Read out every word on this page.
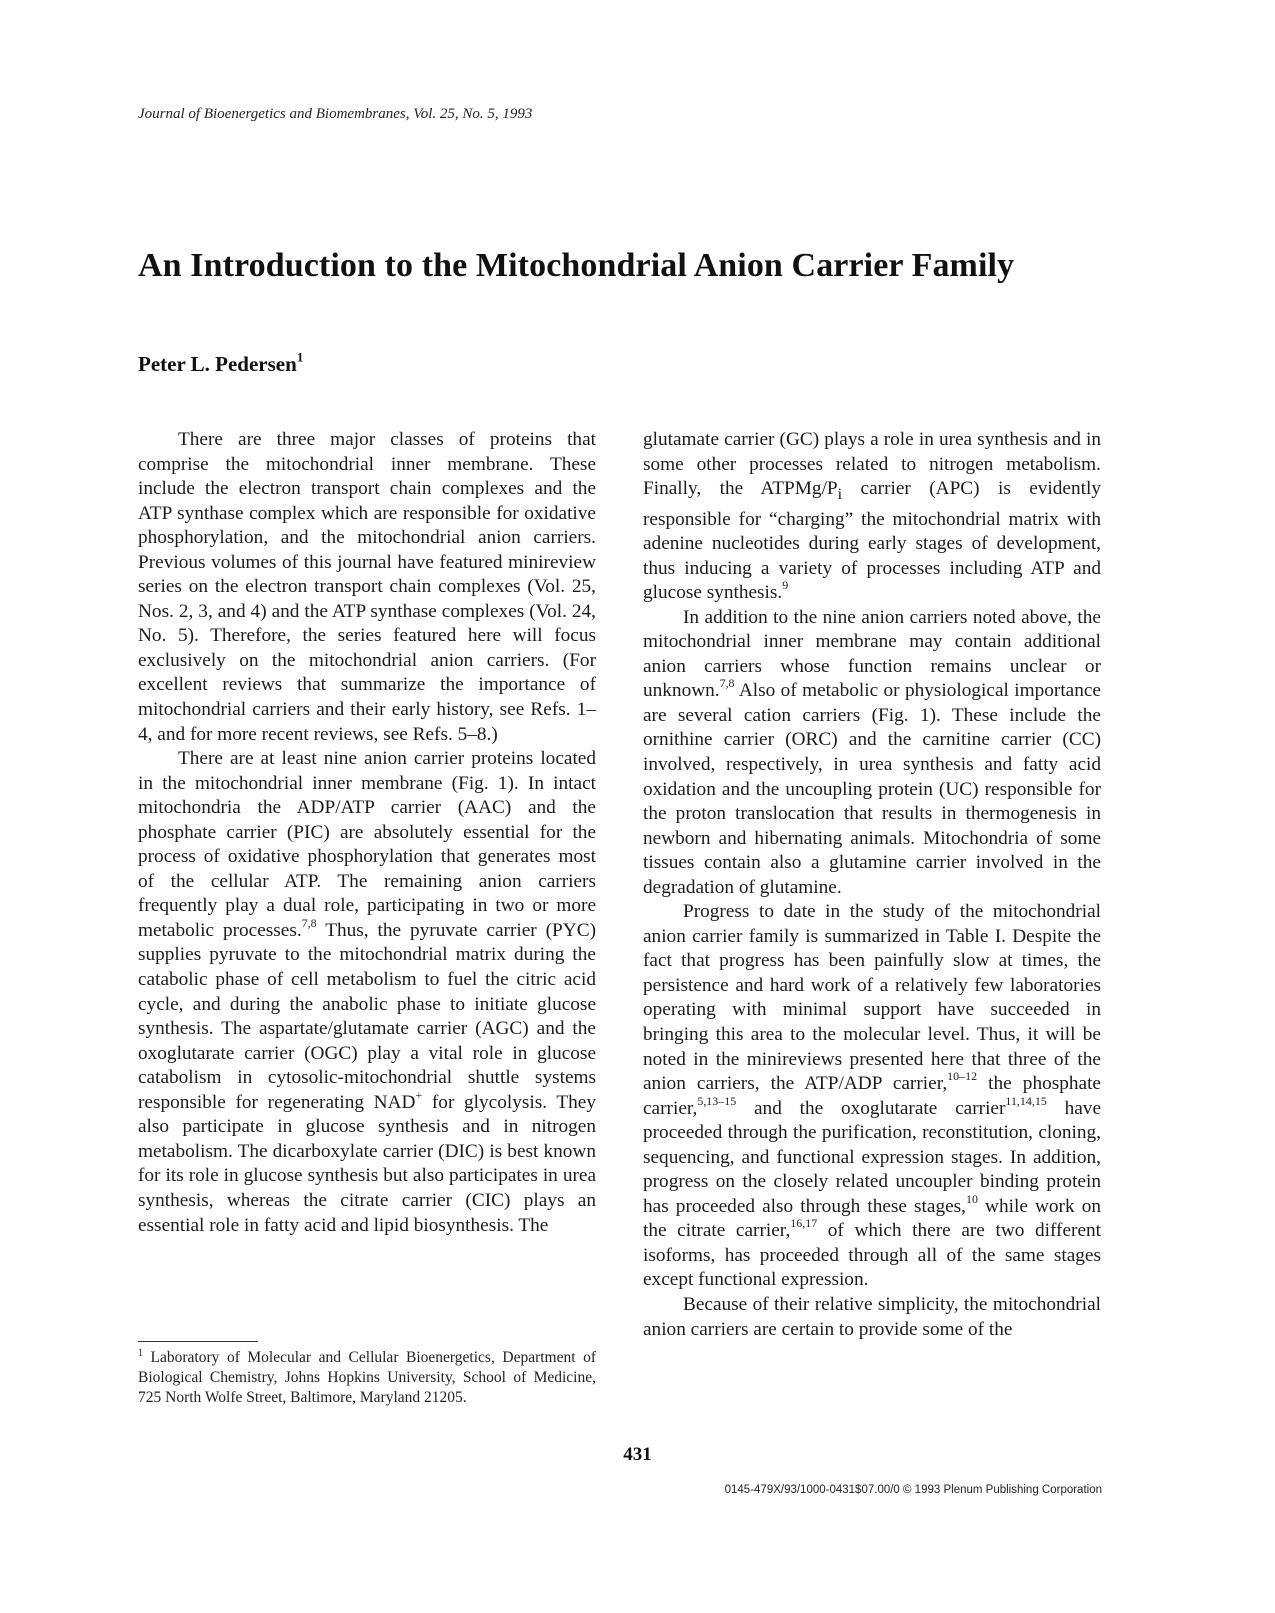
Journal of Bioenergetics and Biomembranes, Vol. 25, No. 5, 1993
An Introduction to the Mitochondrial Anion Carrier Family
Peter L. Pedersen$^1$

There are three major classes of proteins that comprise the mitochondrial inner membrane. These include the electron transport chain complexes and the ATP synthase complex which are responsible for oxidative phosphorylation, and the mitochondrial anion carriers. Previous volumes of this journal have featured minireview series on the electron transport chain complexes (Vol. 25, Nos. 2, 3, and 4) and the ATP synthase complexes (Vol. 24, No. 5). Therefore, the series featured here will focus exclusively on the mitochondrial anion carriers. (For excellent reviews that summarize the importance of mitochondrial carriers and their early history, see Refs. 1–4, and for more recent reviews, see Refs. 5–8.)

There are at least nine anion carrier proteins located in the mitochondrial inner membrane (Fig. 1). In intact mitochondria the ADP/ATP carrier (AAC) and the phosphate carrier (PIC) are absolutely essential for the process of oxidative phosphorylation that generates most of the cellular ATP. The remaining anion carriers frequently play a dual role, participating in two or more metabolic processes.$^{7,8}$ Thus, the pyruvate carrier (PYC) supplies pyruvate to the mitochondrial matrix during the catabolic phase of cell metabolism to fuel the citric acid cycle, and during the anabolic phase to initiate glucose synthesis. The aspartate/glutamate carrier (AGC) and the oxoglutarate carrier (OGC) play a vital role in glucose catabolism in cytosolic-mitochondrial shuttle systems responsible for regenerating NAD+ for glycolysis. They also participate in glucose synthesis and in nitrogen metabolism. The dicarboxylate carrier (DIC) is best known for its role in glucose synthesis but also participates in urea synthesis, whereas the citrate carrier (CIC) plays an essential role in fatty acid and lipid biosynthesis. The

glutamate carrier (GC) plays a role in urea synthesis and in some other processes related to nitrogen metabolism. Finally, the ATPMg/$P_i$ carrier (APC) is evidently responsible for “charging” the mitochondrial matrix with adenine nucleotides during early stages of development, thus inducing a variety of processes including ATP and glucose synthesis.$^9$

In addition to the nine anion carriers noted above, the mitochondrial inner membrane may contain additional anion carriers whose function remains unclear or unknown.$^{7,8}$ Also of metabolic or physiological importance are several cation carriers (Fig. 1). These include the ornithine carrier (ORC) and the carnitine carrier (CC) involved, respectively, in urea synthesis and fatty acid oxidation and the uncoupling protein (UC) responsible for the proton translocation that results in thermogenesis in newborn and hibernating animals. Mitochondria of some tissues contain also a glutamine carrier involved in the degradation of glutamine.

Progress to date in the study of the mitochondrial anion carrier family is summarized in Table I. Despite the fact that progress has been painfully slow at times, the persistence and hard work of a relatively few laboratories operating with minimal support have succeeded in bringing this area to the molecular level. Thus, it will be noted in the minireviews presented here that three of the anion carriers, the ATP/ADP carrier,$^{10-12}$ the phosphate carrier,$^{5,13-15}$ and the oxoglutarate carrier$^{11,14,15}$ have proceeded through the purification, reconstitution, cloning, sequencing, and functional expression stages. In addition, progress on the closely related uncoupler binding protein has proceeded also through these stages,$^{10}$ while work on the citrate carrier,$^{16,17}$ of which there are two different isoforms, has proceeded through all of the same stages except functional expression.

Because of their relative simplicity, the mitochondrial anion carriers are certain to provide some of the

$^1$ Laboratory of Molecular and Cellular Bioenergetics, Department of Biological Chemistry, Johns Hopkins University, School of Medicine, 725 North Wolfe Street, Baltimore, Maryland 21205.
431
0145-479X/93/1000-0431$07.00/0 © 1993 Plenum Publishing Corporation
